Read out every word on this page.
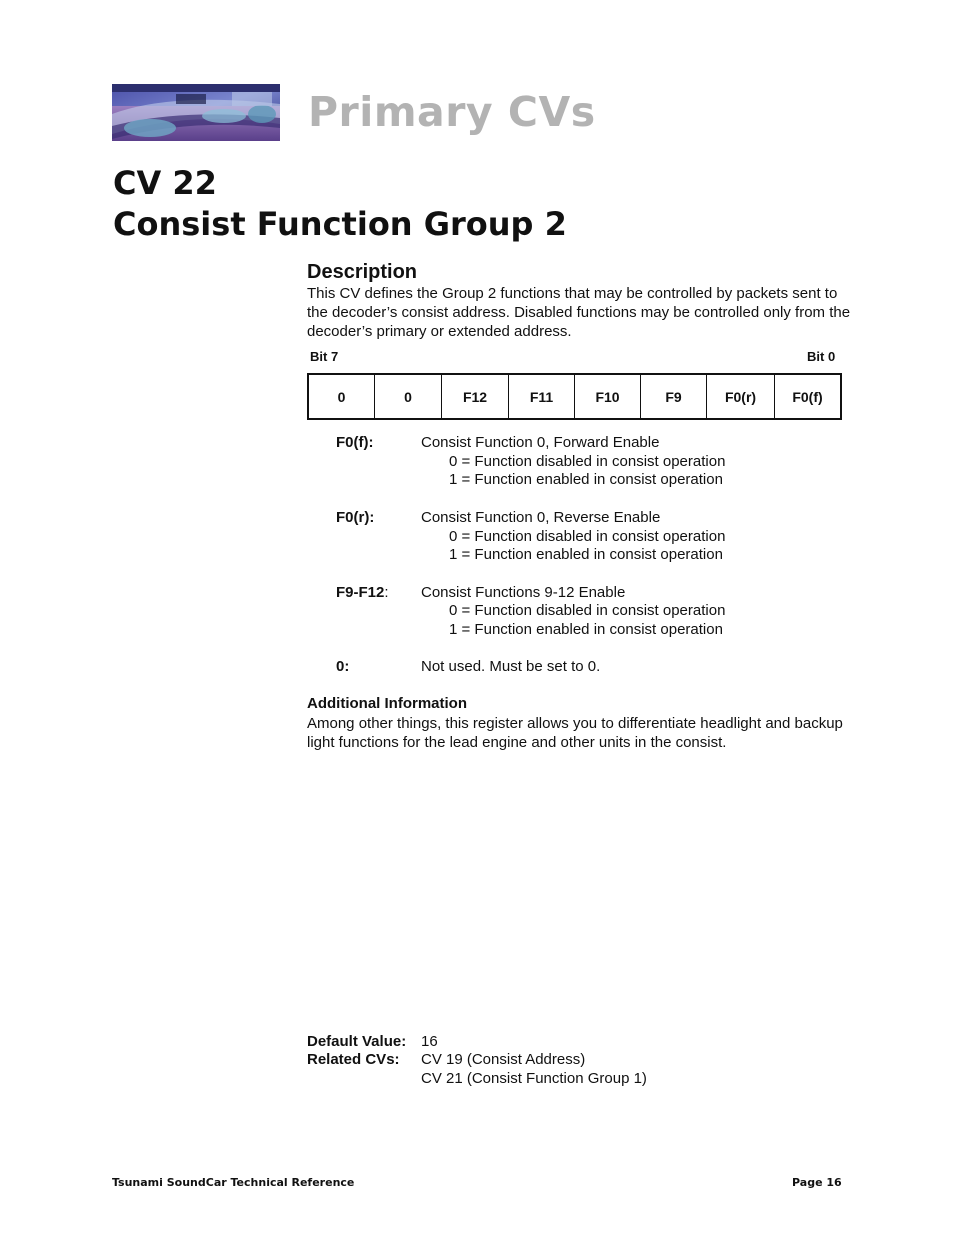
Primary CVs
CV 22
Consist Function Group 2
Description
This CV defines the Group 2 functions that may be controlled by packets sent to the decoder’s consist address. Disabled functions may be controlled only from the decoder’s primary or extended address.
Bit 7	Bit 0
0	0	F12	F11	F10	F9	F0(r)	F0(f)
F0(f):	Consist Function 0, Forward Enable
0 = Function disabled in consist operation
1 = Function enabled in consist operation
F0(r):	Consist Function 0, Reverse Enable
0 = Function disabled in consist operation
1 = Function enabled in consist operation
F9-F12: Consist Functions 9-12 Enable
0 = Function disabled in consist operation
1 = Function enabled in consist operation
0:	Not used. Must be set to 0.
Additional Information
Among other things, this register allows you to differentiate headlight and backup light functions for the lead engine and other units in the consist.
Default Value: 16
Related CVs: CV 19 (Consist Address)
CV 21 (Consist Function Group 1)
Tsunami SoundCar Technical Reference	Page 16
